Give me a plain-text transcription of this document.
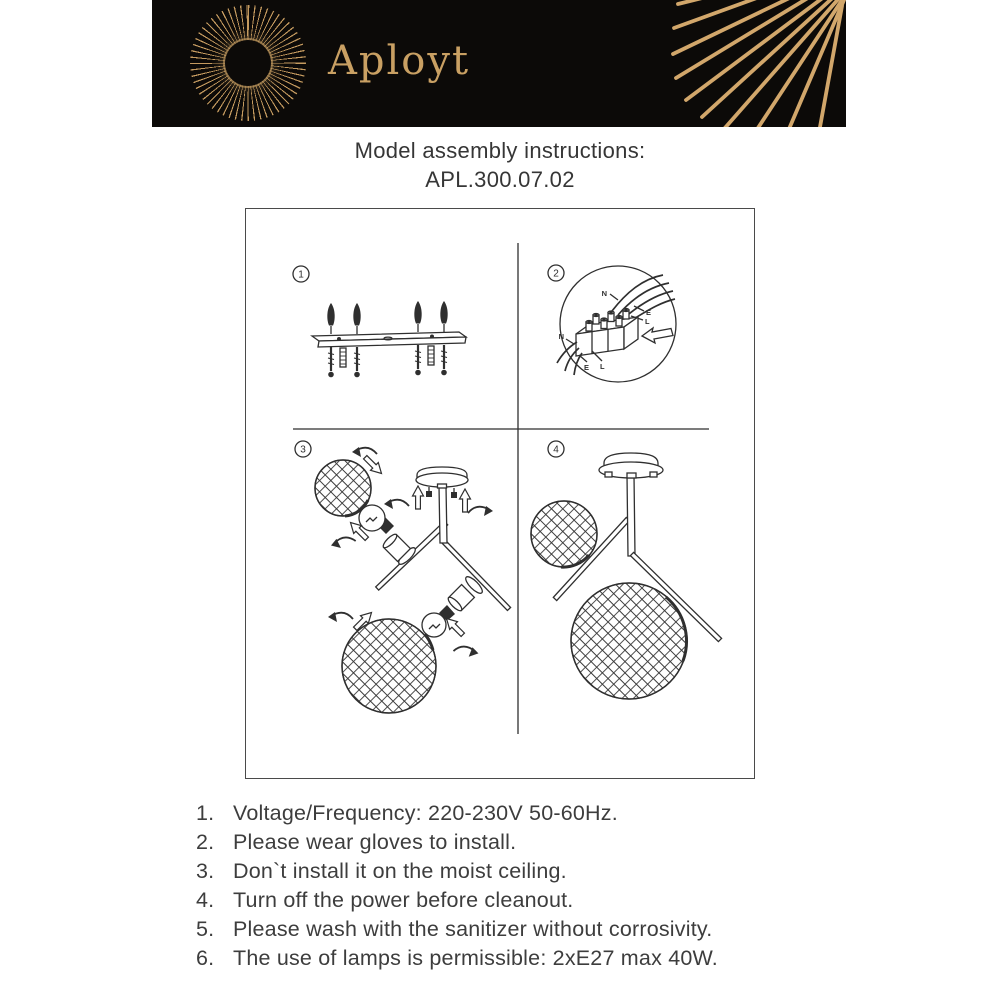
Aployt
Model assembly instructions:
APL.300.07.02
1	2
N
E
L
N
E L
3	4
1. Voltage/Frequency: 220-230V 50-60Hz.
2. Please wear gloves to install.
3. Don`t install it on the moist ceiling.
4. Turn off the power before cleanout.
5. Please wash with the sanitizer without corrosivity.
6. The use of lamps is permissible: 2xE27 max 40W.
